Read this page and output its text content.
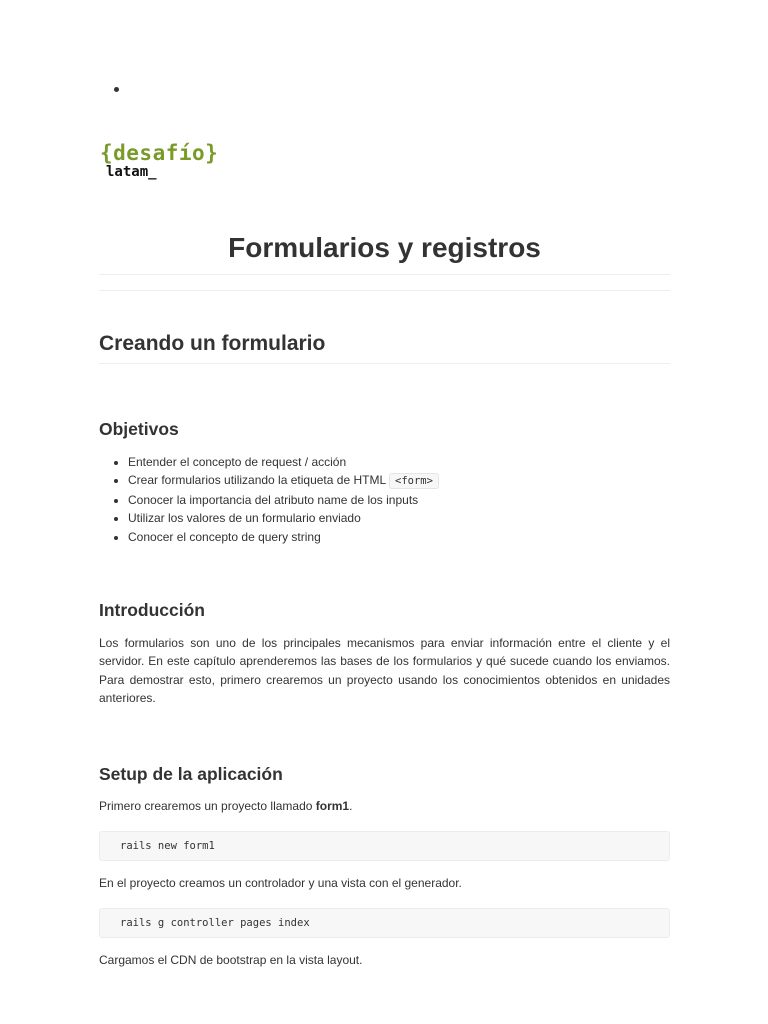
{desafío}
latam_
Formularios y registros
Creando un formulario
Objetivos
• Entender el concepto de request / acción
• Crear formularios utilizando la etiqueta de HTML <form>
• Conocer la importancia del atributo name de los inputs
• Utilizar los valores de un formulario enviado
• Conocer el concepto de query string
Introducción

Los formularios son uno de los principales mecanismos para enviar información entre el cliente y el servidor. En este capítulo aprenderemos las bases de los formularios y qué sucede cuando los enviamos. Para demostrar esto, primero crearemos un proyecto usando los conocimientos obtenidos en unidades anteriores.

Setup de la aplicación

Primero crearemos un proyecto llamado form1.

rails new form1

En el proyecto creamos un controlador y una vista con el generador.

rails g controller pages index

Cargamos el CDN de bootstrap en la vista layout.
